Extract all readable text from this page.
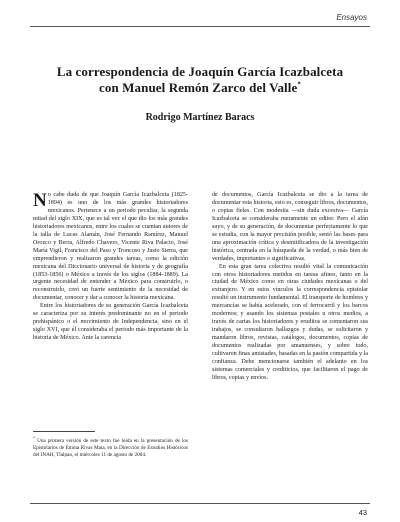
Ensayos
La correspondencia de Joaquín García Icazbalceta
con Manuel Remón Zarco del Valle*
Rodrigo Martínez Baracs

No cabe duda de que Joaquín García Icazbalceta (1825-1894) es uno de los más grandes historiadores mexicanos. Pertenece a un periodo peculiar, la segunda mitad del siglo XIX, que es tal vez el que dio los más grandes historiadores mexicanos, entre los cuales se cuentan autores de la talla de Lucas Alamán, José Fernando Ramírez, Manuel Orozco y Berra, Alfredo Chavero, Vicente Riva Palacio, José María Vigil, Francisco del Paso y Troncoso y Justo Sierra, que emprendieron y realizaron grandes tareas, como la edición mexicana del Diccionario universal de historia y de geografía (1853-1856) o México a través de los siglos (1884-1889). La urgente necesidad de entender a México para construirlo, o reconstruirlo, creó un fuerte sentimiento de la necesidad de documentar, conocer y dar a conocer la historia mexicana.

Entre los historiadores de su generación García Icazbalceta se caracteriza por su interés predominante no en el periodo prehispánico o el movimiento de Independencia, sino en el siglo XVI, que él consideraba el periodo más importante de la historia de México. Ante la carencia

de documentos, García Icazbalceta se dio a la tarea de documentar esta historia, esto es, conseguir libros, documentos, o copias fieles. Con modestia —sin duda excesiva— García Icazbalceta se consideraba meramente un editor. Pero el afán suyo, y de su generación, de documentar perfectamente lo que se estudia, con la mayor precisión posible, sentó las bases para una aproximación crítica y desmitificadora de la investigación histórica, centrada en la búsqueda de la verdad, o más bien de verdades, importantes o significativas.

En esta gran tarea colectiva resultó vital la comunicación con otros historiadores metidos en tareas afines, tanto en la ciudad de México como en otras ciudades mexicanas o del extranjero. Y en estos vínculos la correspondencia epistolar resultó un instrumento fundamental. El transporte de hombres y mercancías se había acelerado, con el ferrocarril y los barcos modernos; y usando los sistemas postales u otros medios, a través de cartas los historiadores y eruditos se comentaron sus trabajos, se consultaron hallazgos y dudas, se solicitaron y mandaron libros, revistas, catálogos, documentos, copias de documentos realizadas por amanuenses, y sobre todo, cultivaron finas amistades, basadas en la pasión compartida y la confianza. Debe mencionarse también el adelanto en los sistemas comerciales y crediticios, que facilitaron el pago de libros, copias y envíos.

* Una primera versión de este texto fue leída en la presentación de los Epistolarios de Emma Rivas Mata, en la Dirección de Estudios Históricos del INAH, Tlalpan, el miércoles 11 de agosto de 2004.
43
